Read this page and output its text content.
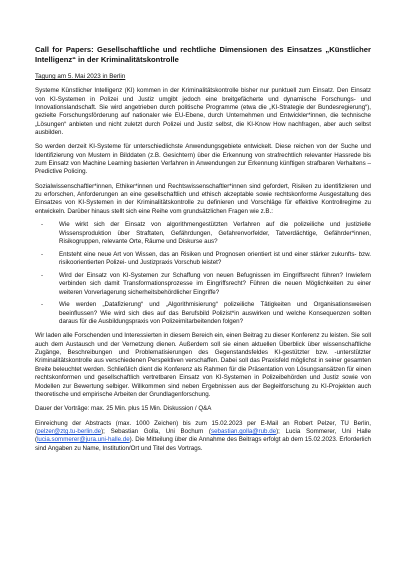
Call for Papers: Gesellschaftliche und rechtliche Dimensionen des Einsatzes „Künstlicher Intelligenz“ in der Kriminalitätskontrolle

Tagung am 5. Mai 2023 in Berlin

Systeme Künstlicher Intelligenz (KI) kommen in der Kriminalitätskontrolle bisher nur punktuell zum Einsatz. Den Einsatz von KI-Systemen in Polizei und Justiz umgibt jedoch eine breitgefächerte und dynamische Forschungs- und Innovationslandschaft. Sie wird angetrieben durch politische Programme (etwa die „KI-Strategie der Bundesregierung“), gezielte Forschungsförderung auf nationaler wie EU-Ebene, durch Unternehmen und Entwickler*innen, die technische „Lösungen“ anbieten und nicht zuletzt durch Polizei und Justiz selbst, die KI-Know How nachfragen, aber auch selbst ausbilden.

So werden derzeit KI-Systeme für unterschiedlichste Anwendungsgebiete entwickelt. Diese reichen von der Suche und Identifizierung von Mustern in Bilddaten (z.B. Gesichtern) über die Erkennung von strafrechtlich relevanter Hassrede bis zum Einsatz von Machine Learning basierten Verfahren in Anwendungen zur Erkennung künftigen strafbaren Verhaltens – Predictive Policing.

Sozialwissenschaftler*innen, Ethiker*innen und Rechtswissenschaftler*innen sind gefordert, Risiken zu identifizieren und zu erforschen, Anforderungen an eine gesellschaftlich und ethisch akzeptable sowie rechtskonforme Ausgestaltung des Einsatzes von KI-Systemen in der Kriminalitätskontrolle zu definieren und Vorschläge für effektive Kontrollregime zu entwickeln. Darüber hinaus stellt sich eine Reihe vom grundsätzlichen Fragen wie z.B.:

-	Wie wirkt sich der Einsatz von algorithmengestützten Verfahren auf die polizeiliche und justizielle Wissensproduktion über Straftaten, Gefährdungen, Gefahrenvorfelder, Tatverdächtige, Gefährder*innen, Risikogruppen, relevante Orte, Räume und Diskurse aus?
-	Entsteht eine neue Art von Wissen, das an Risiken und Prognosen orientiert ist und einer stärker zukunfts- bzw. risikoorientierten Polizei- und Justizpraxis Vorschub leistet?
-	Wird der Einsatz von KI-Systemen zur Schaffung von neuen Befugnissen im Eingriffsrecht führen? Inwiefern verbinden sich damit Transformationsprozesse im Eingriffsrecht? Führen die neuen Möglichkeiten zu einer weiteren Vorverlagerung sicherheitsbehördlicher Eingriffe?
-	Wie werden „Datafizierung“ und „Algorithmisierung“ polizeiliche Tätigkeiten und Organisationsweisen beeinflussen? Wie wird sich dies auf das Berufsbild Polizist*in auswirken und welche Konsequenzen sollten daraus für die Ausbildungspraxis von Polizeimitarbeitenden folgen?

Wir laden alle Forschenden und Interessierten in diesem Bereich ein, einen Beitrag zu dieser Konferenz zu leisten. Sie soll auch dem Austausch und der Vernetzung dienen. Außerdem soll sie einen aktuellen Überblick über wissenschaftliche Zugänge, Beschreibungen und Problematisierungen des Gegenstandsfeldes KI-gestützter bzw. -unterstützter Kriminalitätskontrolle aus verschiedenen Perspektiven verschaffen. Dabei soll das Praxisfeld möglichst in seiner gesamten Breite beleuchtet werden. Schließlich dient die Konferenz als Rahmen für die Präsentation von Lösungsansätzen für einen rechtskonformen und gesellschaftlich vertretbaren Einsatz von KI-Systemen in Polizeibehörden und Justiz sowie von Modellen zur Bewertung selbiger. Willkommen sind neben Ergebnissen aus der Begleitforschung zu KI-Projekten auch theoretische und empirische Arbeiten der Grundlagenforschung.

Dauer der Vorträge: max. 25 Min. plus 15 Min. Diskussion / Q&A

Einreichung der Abstracts (max. 1000 Zeichen) bis zum 15.02.2023 per E-Mail an Robert Pelzer, TU Berlin, (pelzer@ztg.tu-berlin.de); Sebastian Golla, Uni Bochum (sebastian.golla@rub.de); Lucia Sommerer, Uni Halle (lucia.sommerer@jura.uni-halle.de). Die Mitteilung über die Annahme des Beitrags erfolgt ab dem 15.02.2023. Erforderlich sind Angaben zu Name, Institution/Ort und Titel des Vortrags.
